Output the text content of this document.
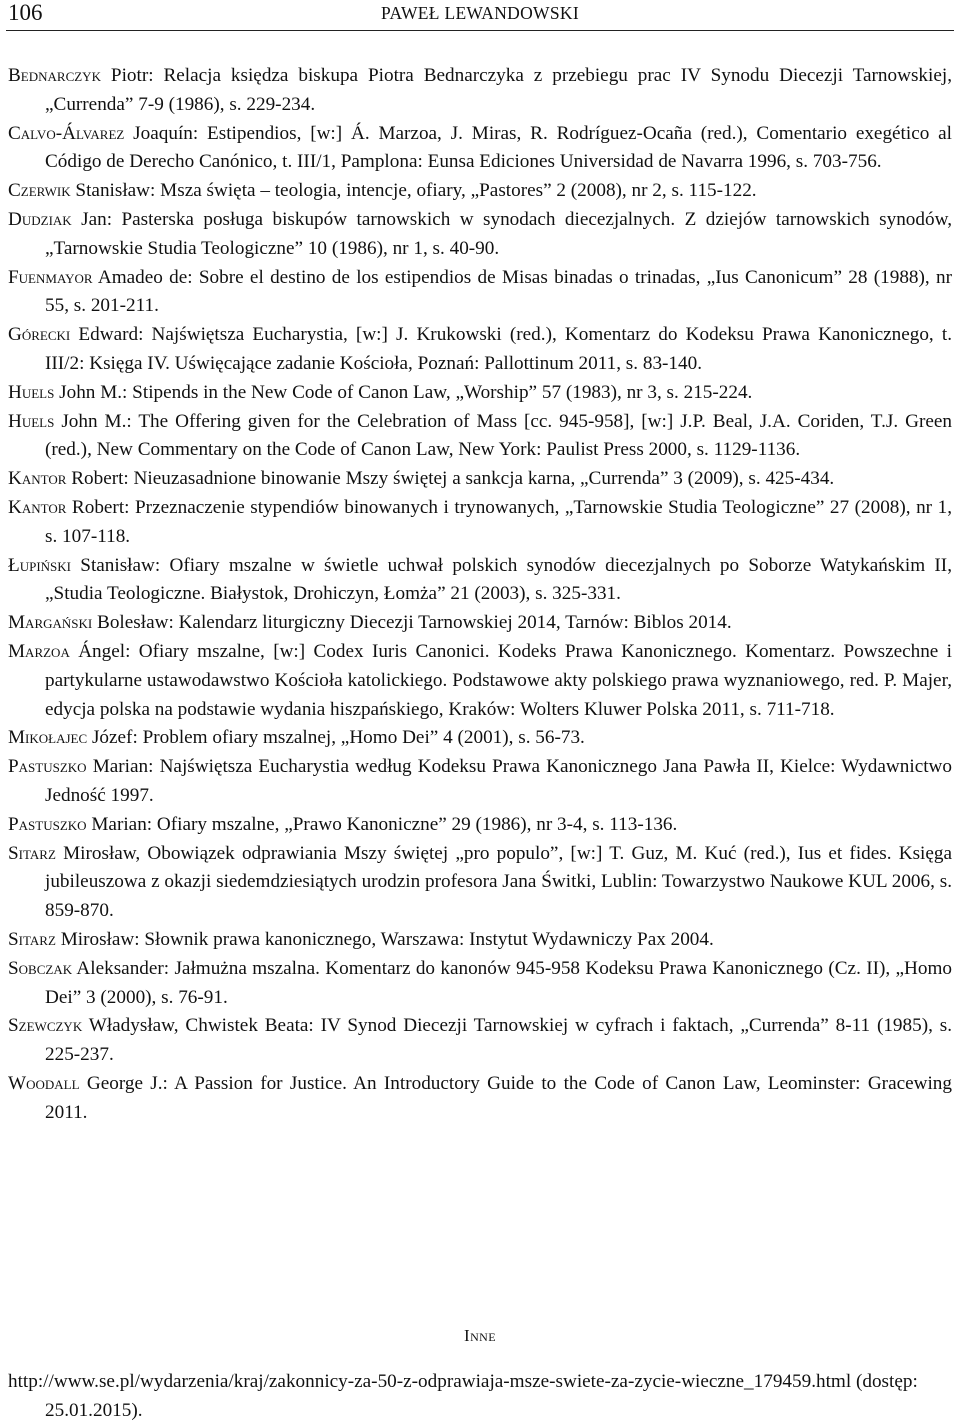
106	PAWEŁ LEWANDOWSKI

Bednarczyk Piotr: Relacja księdza biskupa Piotra Bednarczyka z przebiegu prac IV Synodu Diecezji Tarnowskiej, „Currenda” 7-9 (1986), s. 229-234.

Calvo-Álvarez Joaquín: Estipendios, [w:] Á. Marzoa, J. Miras, R. Rodríguez-Ocaña (red.), Comentario exegético al Código de Derecho Canónico, t. III/1, Pamplona: Eunsa Ediciones Universidad de Navarra 1996, s. 703-756.

Czerwik Stanisław: Msza święta – teologia, intencje, ofiary, „Pastores” 2 (2008), nr 2, s. 115-122.

Dudziak Jan: Pasterska posługa biskupów tarnowskich w synodach diecezjalnych. Z dziejów tarnowskich synodów, „Tarnowskie Studia Teologiczne” 10 (1986), nr 1, s. 40-90.

Fuenmayor Amadeo de: Sobre el destino de los estipendios de Misas binadas o trinadas, „Ius Canonicum” 28 (1988), nr 55, s. 201-211.

Górecki Edward: Najświętsza Eucharystia, [w:] J. Krukowski (red.), Komentarz do Kodeksu Prawa Kanonicznego, t. III/2: Księga IV. Uświęcające zadanie Kościoła, Poznań: Pallottinum 2011, s. 83-140.

Huels John M.: Stipends in the New Code of Canon Law, „Worship” 57 (1983), nr 3, s. 215-224.

Huels John M.: The Offering given for the Celebration of Mass [cc. 945-958], [w:] J.P. Beal, J.A. Coriden, T.J. Green (red.), New Commentary on the Code of Canon Law, New York: Paulist Press 2000, s. 1129-1136.

Kantor Robert: Nieuzasadnione binowanie Mszy świętej a sankcja karna, „Currenda” 3 (2009), s. 425-434.

Kantor Robert: Przeznaczenie stypendiów binowanych i trynowanych, „Tarnowskie Studia Teologiczne” 27 (2008), nr 1, s. 107-118.

Łupiński Stanisław: Ofiary mszalne w świetle uchwał polskich synodów diecezjalnych po Soborze Watykańskim II, „Studia Teologiczne. Białystok, Drohiczyn, Łomża” 21 (2003), s. 325-331.

Margański Bolesław: Kalendarz liturgiczny Diecezji Tarnowskiej 2014, Tarnów: Biblos 2014.

Marzoa Ángel: Ofiary mszalne, [w:] Codex Iuris Canonici. Kodeks Prawa Kanonicznego. Komentarz. Powszechne i partykularne ustawodawstwo Kościoła katolickiego. Podstawowe akty polskiego prawa wyznaniowego, red. P. Majer, edycja polska na podstawie wydania hiszpańskiego, Kraków: Wolters Kluwer Polska 2011, s. 711-718.

Mikołajec Józef: Problem ofiary mszalnej, „Homo Dei” 4 (2001), s. 56-73.

Pastuszko Marian: Najświętsza Eucharystia według Kodeksu Prawa Kanonicznego Jana Pawła II, Kielce: Wydawnictwo Jedność 1997.

Pastuszko Marian: Ofiary mszalne, „Prawo Kanoniczne” 29 (1986), nr 3-4, s. 113-136.

Sitarz Mirosław, Obowiązek odprawiania Mszy świętej „pro populo”, [w:] T. Guz, M. Kuć (red.), Ius et fides. Księga jubileuszowa z okazji siedemdziesiątych urodzin profesora Jana Świtki, Lublin: Towarzystwo Naukowe KUL 2006, s. 859-870.

Sitarz Mirosław: Słownik prawa kanonicznego, Warszawa: Instytut Wydawniczy Pax 2004.

Sobczak Aleksander: Jałmużna mszalna. Komentarz do kanonów 945-958 Kodeksu Prawa Kanonicznego (Cz. II), „Homo Dei” 3 (2000), s. 76-91.

Szewczyk Władysław, Chwistek Beata: IV Synod Diecezji Tarnowskiej w cyfrach i faktach, „Currenda” 8-11 (1985), s. 225-237.

Woodall George J.: A Passion for Justice. An Introductory Guide to the Code of Canon Law, Leominster: Gracewing 2011.

Inne

http://www.se.pl/wydarzenia/kraj/zakonnicy-za-50-z-odprawiaja-msze-swiete-za-zycie-wieczne_179459.html (dostęp: 25.01.2015).
